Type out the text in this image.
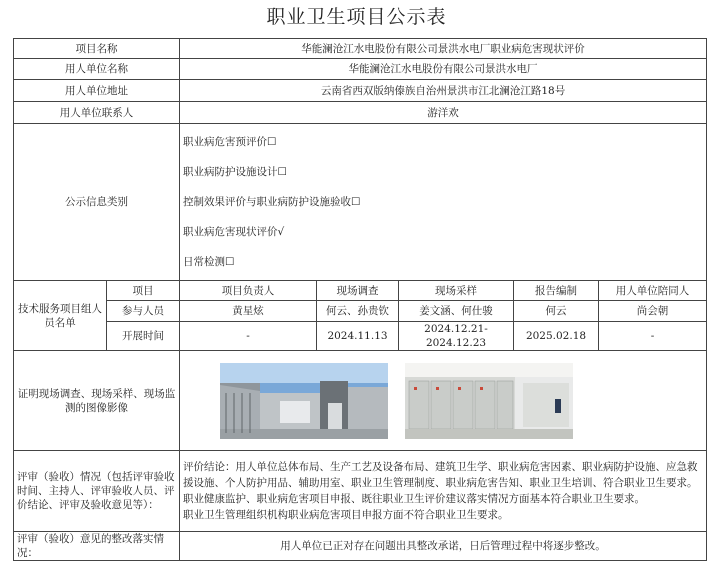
职业卫生项目公示表
项目名称		华能澜沧江水电股份有限公司景洪水电厂职业病危害现状评价				
用人单位名称		华能澜沧江水电股份有限公司景洪水电厂				
用人单位地址		云南省西双版纳傣族自治州景洪市江北澜沧江路18号				
用人单位联系人		游洋欢				
公示信息类别		职业病危害预评价☐
职业病防护设施设计☐
控制效果评价与职业病防护设施验收☐
职业病危害现状评价√
日常检测☐				

技术服务项目组人员名单	项目	项目负责人	现场调查	现场采样	报告编制	用人单位陪同人
	参与人员	黄星炫	何云、孙贵钦	姜文涵、何仕骏	何云	尚会朝
	开展时间	-	2024.11.13	2024.12.21-2024.12.23	2025.02.18	-
证明现场调查、现场采样、现场监测的图像影像	
评审（验收）情况（包括评审验收时间、主持人、评审验收人员、评价结论、评审及验收意见等）：		评价结论：用人单位总体布局、生产工艺及设备布局、建筑卫生学、职业病危害因素、职业病防护设施、应急救援设施、个人防护用品、辅助用室、职业卫生管理制度、职业病危害告知、职业卫生培训、符合职业卫生要求。职业健康监护、职业病危害项目申报、既往职业卫生评价建议落实情况方面基本符合职业卫生要求。
职业卫生管理组织机构职业病危害项目申报方面不符合职业卫生要求。				

评审（验收）意见的整改落实情况：		用人单位已正对存在问题出具整改承诺，日后管理过程中将逐步整改。				
